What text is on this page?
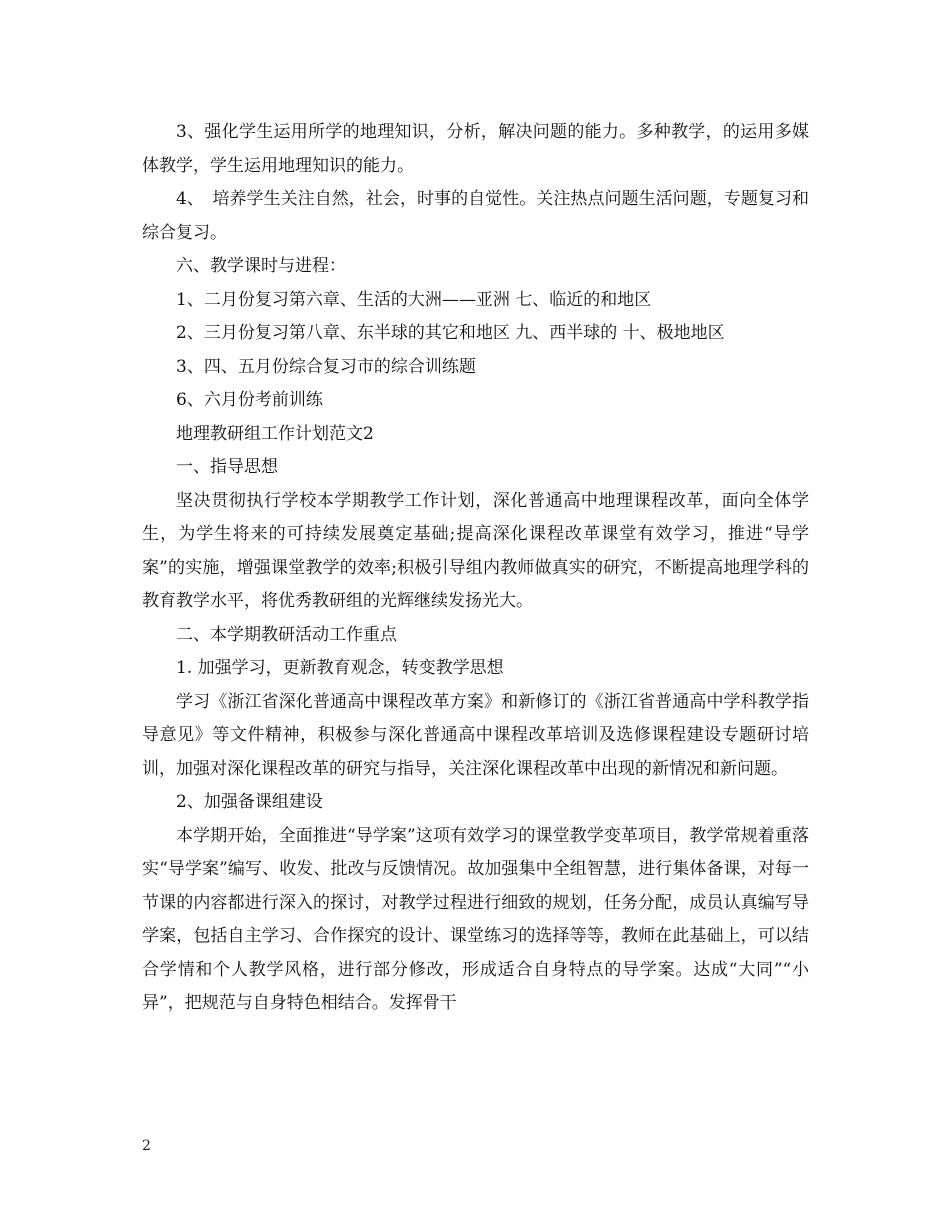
3、强化学生运用所学的地理知识，分析，解决问题的能力。多种教学，的运用多媒体教学，学生运用地理知识的能力。

4、　培养学生关注自然，社会，时事的自觉性。关注热点问题生活问题，专题复习和综合复习。

六、教学课时与进程：

1、二月份复习第六章、生活的大洲——亚洲 七、临近的和地区

2、三月份复习第八章、东半球的其它和地区 九、西半球的 十、极地地区

3、四、五月份综合复习市的综合训练题

6、六月份考前训练

地理教研组工作计划范文2

一、指导思想

坚决贯彻执行学校本学期教学工作计划，深化普通高中地理课程改革，面向全体学生，为学生将来的可持续发展奠定基础;提高深化课程改革课堂有效学习，推进“导学案”的实施，增强课堂教学的效率;积极引导组内教师做真实的研究，不断提高地理学科的教育教学水平，将优秀教研组的光辉继续发扬光大。

二、本学期教研活动工作重点

1. 加强学习，更新教育观念，转变教学思想

学习《浙江省深化普通高中课程改革方案》和新修订的《浙江省普通高中学科教学指导意见》等文件精神，积极参与深化普通高中课程改革培训及选修课程建设专题研讨培训，加强对深化课程改革的研究与指导，关注深化课程改革中出现的新情况和新问题。

2、加强备课组建设

本学期开始，全面推进“导学案”这项有效学习的课堂教学变革项目，教学常规着重落实“导学案”编写、收发、批改与反馈情况。故加强集中全组智慧，进行集体备课，对每一节课的内容都进行深入的探讨，对教学过程进行细致的规划，任务分配，成员认真编写导学案，包括自主学习、合作探究的设计、课堂练习的选择等等，教师在此基础上，可以结合学情和个人教学风格，进行部分修改，形成适合自身特点的导学案。达成“大同”“小异”，把规范与自身特色相结合。发挥骨干

2
